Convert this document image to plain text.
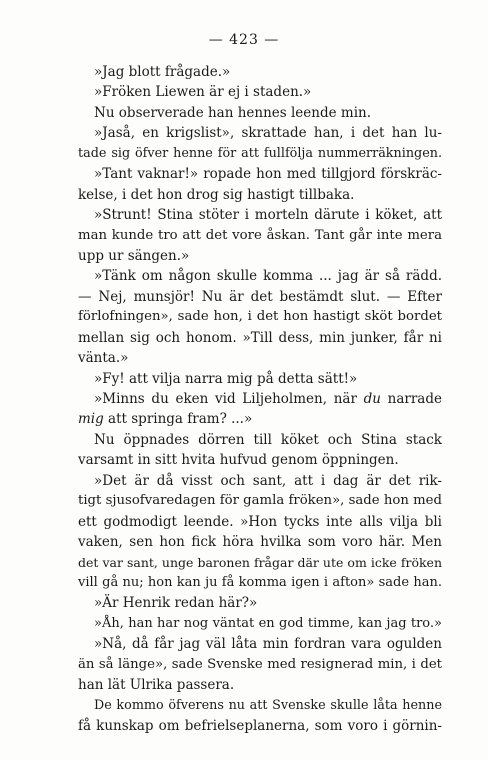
— 423 —
»Jag blott frågade.»
»Fröken Liewen är ej i staden.»
Nu observerade han hennes leende min.
»Jaså, en krigslist», skrattade han, i det han lu-
tade sig öfver henne för att fullfölja nummerräkningen.
»Tant vaknar!» ropade hon med tillgjord förskräc-
kelse, i det hon drog sig hastigt tillbaka.
»Strunt! Stina stöter i morteln därute i köket, att
man kunde tro att det vore åskan. Tant går inte mera
upp ur sängen.»
»Tänk om någon skulle komma ... jag är så rädd.
— Nej, munsjör! Nu är det bestämdt slut. — Efter
förlofningen», sade hon, i det hon hastigt sköt bordet
mellan sig och honom. »Till dess, min junker, får ni
vänta.»
»Fy! att vilja narra mig på detta sätt!»
»Minns du eken vid Liljeholmen, när du narrade
mig att springa fram? ...»
Nu öppnades dörren till köket och Stina stack
varsamt in sitt hvita hufvud genom öppningen.
»Det är då visst och sant, att i dag är det rik-
tigt sjusofvaredagen för gamla fröken», sade hon med
ett godmodigt leende. »Hon tycks inte alls vilja bli
vaken, sen hon fick höra hvilka som voro här. Men
det var sant, unge baronen frågar där ute om icke fröken
vill gå nu; hon kan ju få komma igen i afton» sade han.
»Är Henrik redan här?»
»Åh, han har nog väntat en god timme, kan jag tro.»
»Nå, då får jag väl låta min fordran vara ogulden
än så länge», sade Svenske med resignerad min, i det
han lät Ulrika passera.
De kommo öfverens nu att Svenske skulle låta henne
få kunskap om befrielseplanerna, som voro i görnin-
